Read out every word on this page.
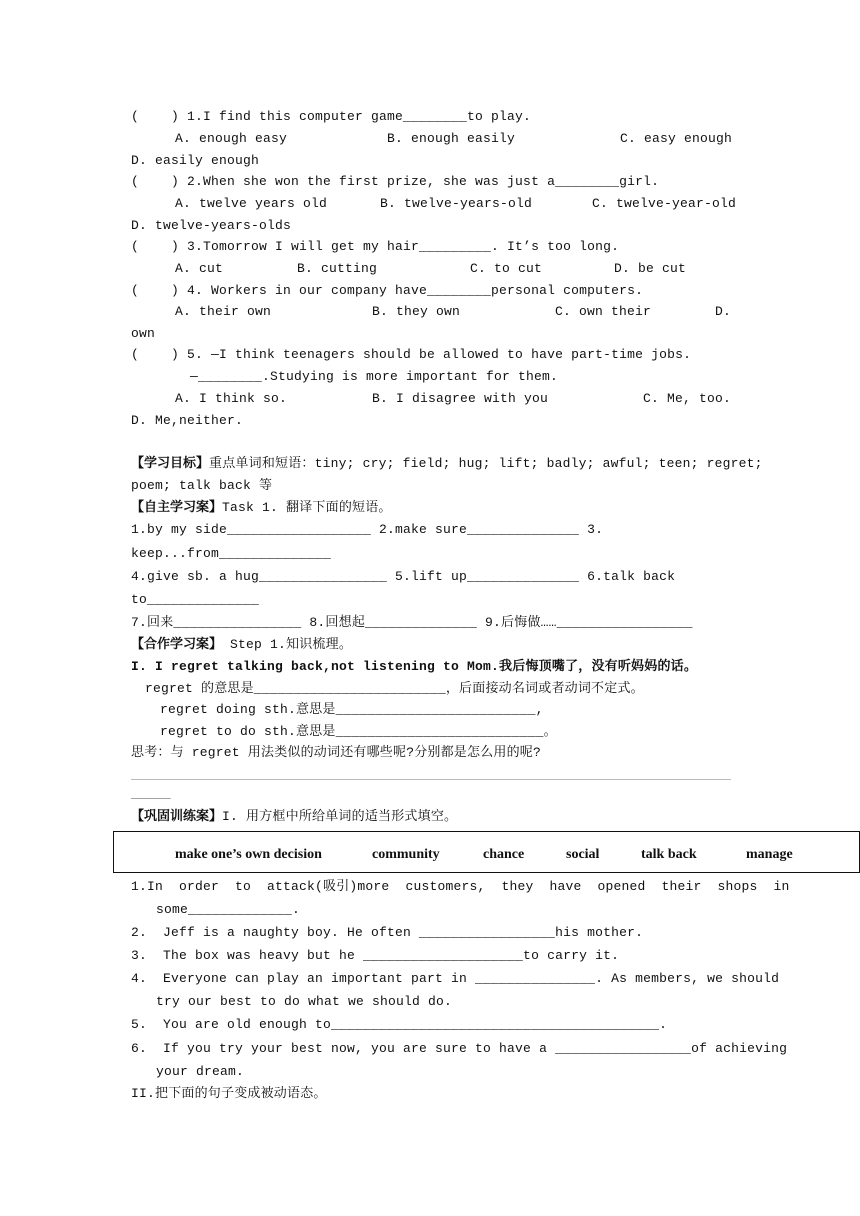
(    ) 1.I find this computer game________to play.
A. enough easy	B. enough easily	C. easy enough
D. easily enough
(    ) 2.When she won the first prize, she was just a________girl.
A. twelve years old	B. twelve-years-old	C. twelve-year-old
D. twelve-years-olds
(    ) 3.Tomorrow I will get my hair_________. It’s too long.
A. cut	B. cutting	C. to cut	D. be cut
(    ) 4. Workers in our company have________personal computers.
A. their own	B. they own	C. own their	D.
own
(    ) 5. —I think teenagers should be allowed to have part-time jobs.
—________.Studying is more important for them.
A. I think so.	B. I disagree with you	C. Me, too.
D. Me,neither.
【学习目标】重点单词和短语：tiny; cry; field; hug; lift; badly; awful; teen; regret;
poem; talk back 等
【自主学习案】Task 1. 翻译下面的短语。
1.by my side__________________ 2.make sure______________ 3.
keep...from______________
4.give sb. a hug________________ 5.lift up______________ 6.talk back
to______________
7.回来________________ 8.回想起______________ 9.后悔做……_________________
【合作学习案】 Step 1.知识梳理。
I. I regret talking back,not listening to Mom.我后悔顶嘴了，没有听妈妈的话。
regret 的意思是________________________，后面接动名词或者动词不定式。
regret doing sth.意思是_________________________,
regret to do sth.意思是__________________________。
思考：与 regret 用法类似的动词还有哪些呢?分别都是怎么用的呢?
_____
【巩固训练案】I. 用方框中所给单词的适当形式填空。
make one’s own decision	community	chance	social	talk back	manage
1.In  order  to  attack(吸引)more  customers,  they  have  opened  their  shops  in
some_____________.
2.  Jeff is a naughty boy. He often _________________his mother.
3.  The box was heavy but he ____________________to carry it.
4.  Everyone can play an important part in _______________. As members, we should
try our best to do what we should do.
5.  You are old enough to_________________________________________.
6.  If you try your best now, you are sure to have a _________________of achieving
your dream.
II.把下面的句子变成被动语态。
